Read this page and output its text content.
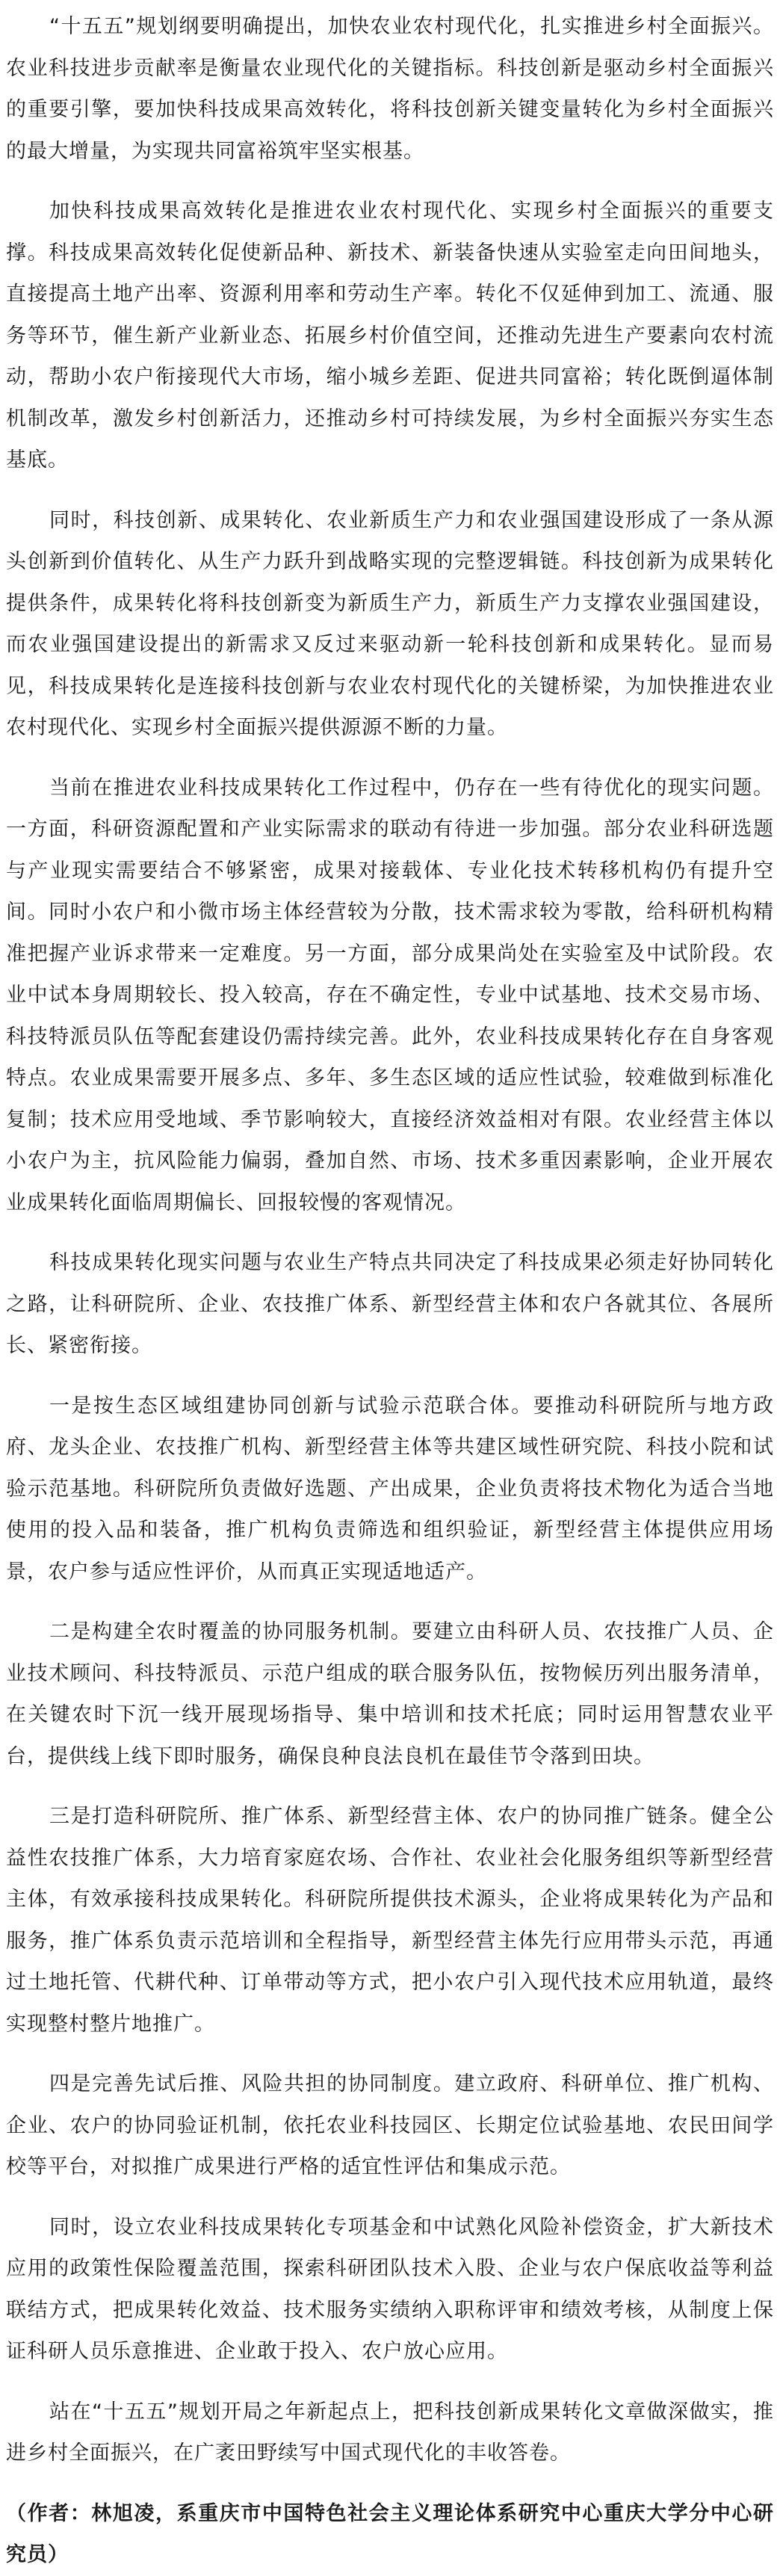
“十五五”规划纲要明确提出，加快农业农村现代化，扎实推进乡村全面振兴。农业科技进步贡献率是衡量农业现代化的关键指标。科技创新是驱动乡村全面振兴的重要引擎，要加快科技成果高效转化，将科技创新关键变量转化为乡村全面振兴的最大增量，为实现共同富裕筑牢坚实根基。

加快科技成果高效转化是推进农业农村现代化、实现乡村全面振兴的重要支撑。科技成果高效转化促使新品种、新技术、新装备快速从实验室走向田间地头，直接提高土地产出率、资源利用率和劳动生产率。转化不仅延伸到加工、流通、服务等环节，催生新产业新业态、拓展乡村价值空间，还推动先进生产要素向农村流动，帮助小农户衔接现代大市场，缩小城乡差距、促进共同富裕；转化既倒逼体制机制改革，激发乡村创新活力，还推动乡村可持续发展，为乡村全面振兴夯实生态基底。

同时，科技创新、成果转化、农业新质生产力和农业强国建设形成了一条从源头创新到价值转化、从生产力跃升到战略实现的完整逻辑链。科技创新为成果转化提供条件，成果转化将科技创新变为新质生产力，新质生产力支撑农业强国建设，而农业强国建设提出的新需求又反过来驱动新一轮科技创新和成果转化。显而易见，科技成果转化是连接科技创新与农业农村现代化的关键桥梁，为加快推进农业农村现代化、实现乡村全面振兴提供源源不断的力量。

当前在推进农业科技成果转化工作过程中，仍存在一些有待优化的现实问题。一方面，科研资源配置和产业实际需求的联动有待进一步加强。部分农业科研选题与产业现实需要结合不够紧密，成果对接载体、专业化技术转移机构仍有提升空间。同时小农户和小微市场主体经营较为分散，技术需求较为零散，给科研机构精准把握产业诉求带来一定难度。另一方面，部分成果尚处在实验室及中试阶段。农业中试本身周期较长、投入较高，存在不确定性，专业中试基地、技术交易市场、科技特派员队伍等配套建设仍需持续完善。此外，农业科技成果转化存在自身客观特点。农业成果需要开展多点、多年、多生态区域的适应性试验，较难做到标准化复制；技术应用受地域、季节影响较大，直接经济效益相对有限。农业经营主体以小农户为主，抗风险能力偏弱，叠加自然、市场、技术多重因素影响，企业开展农业成果转化面临周期偏长、回报较慢的客观情况。

科技成果转化现实问题与农业生产特点共同决定了科技成果必须走好协同转化之路，让科研院所、企业、农技推广体系、新型经营主体和农户各就其位、各展所长、紧密衔接。

一是按生态区域组建协同创新与试验示范联合体。要推动科研院所与地方政府、龙头企业、农技推广机构、新型经营主体等共建区域性研究院、科技小院和试验示范基地。科研院所负责做好选题、产出成果，企业负责将技术物化为适合当地使用的投入品和装备，推广机构负责筛选和组织验证，新型经营主体提供应用场景，农户参与适应性评价，从而真正实现适地适产。

二是构建全农时覆盖的协同服务机制。要建立由科研人员、农技推广人员、企业技术顾问、科技特派员、示范户组成的联合服务队伍，按物候历列出服务清单，在关键农时下沉一线开展现场指导、集中培训和技术托底；同时运用智慧农业平台，提供线上线下即时服务，确保良种良法良机在最佳节令落到田块。

三是打造科研院所、推广体系、新型经营主体、农户的协同推广链条。健全公益性农技推广体系，大力培育家庭农场、合作社、农业社会化服务组织等新型经营主体，有效承接科技成果转化。科研院所提供技术源头，企业将成果转化为产品和服务，推广体系负责示范培训和全程指导，新型经营主体先行应用带头示范，再通过土地托管、代耕代种、订单带动等方式，把小农户引入现代技术应用轨道，最终实现整村整片地推广。

四是完善先试后推、风险共担的协同制度。建立政府、科研单位、推广机构、企业、农户的协同验证机制，依托农业科技园区、长期定位试验基地、农民田间学校等平台，对拟推广成果进行严格的适宜性评估和集成示范。

同时，设立农业科技成果转化专项基金和中试熟化风险补偿资金，扩大新技术应用的政策性保险覆盖范围，探索科研团队技术入股、企业与农户保底收益等利益联结方式，把成果转化效益、技术服务实绩纳入职称评审和绩效考核，从制度上保证科研人员乐意推进、企业敢于投入、农户放心应用。

站在“十五五”规划开局之年新起点上，把科技创新成果转化文章做深做实，推进乡村全面振兴，在广袤田野续写中国式现代化的丰收答卷。

（作者：林旭凌，系重庆市中国特色社会主义理论体系研究中心重庆大学分中心研究员）
